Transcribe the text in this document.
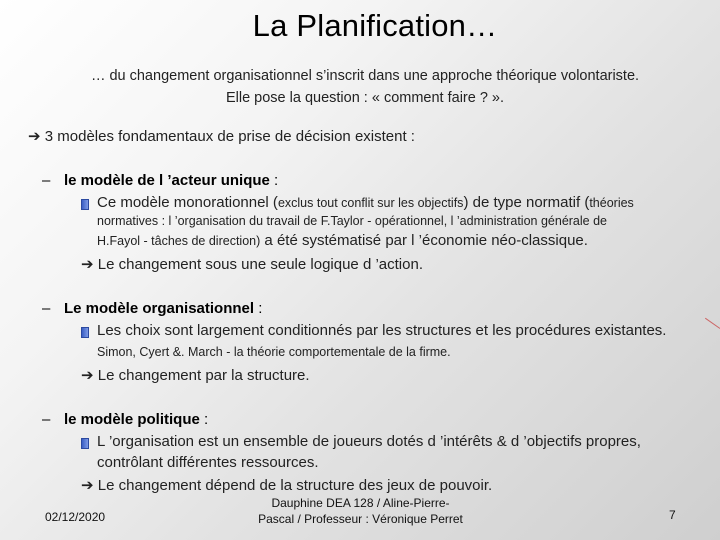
La Planification…
… du changement organisationnel s’inscrit dans une approche théorique volontariste.
Elle pose la question : « comment faire ? ».
➔ 3 modèles fondamentaux de prise de décision existent :
– le modèle de l ’acteur unique :
Ce modèle monorationnel (exclus tout conflit sur les objectifs) de type normatif (théories
normatives : l ’organisation du travail de F.Taylor - opérationnel, l ’administration générale de
H.Fayol - tâches de direction) a été systématisé par l ’économie néo-classique.
➔ Le changement sous une seule logique d ’action.
– Le modèle organisationnel :
Les choix sont largement conditionnés par les structures et les procédures existantes.
Simon, Cyert &. March - la théorie comportementale de la firme.
➔ Le changement par la structure.
– le modèle politique :
L ’organisation est un ensemble de joueurs dotés d ’intérêts & d ’objectifs propres,
contrôlant différentes ressources.
➔ Le changement dépend de la structure des jeux de pouvoir.
02/12/2020
Dauphine DEA 128 / Aline-Pierre-
Pascal / Professeur : Véronique Perret	7
